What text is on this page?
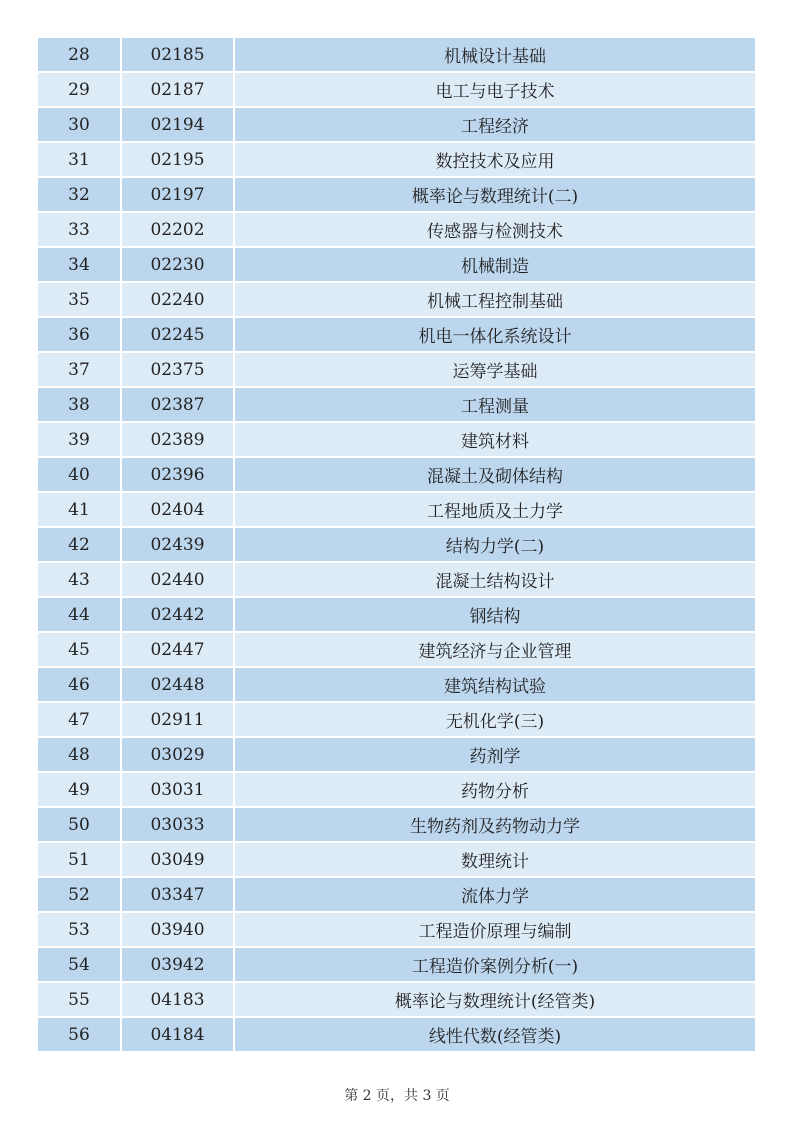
28	02185	机械设计基础
29	02187	电工与电子技术
30	02194	工程经济
31	02195	数控技术及应用
32	02197	概率论与数理统计(二)
33	02202	传感器与检测技术
34	02230	机械制造
35	02240	机械工程控制基础
36	02245	机电一体化系统设计
37	02375	运筹学基础
38	02387	工程测量
39	02389	建筑材料
40	02396	混凝土及砌体结构
41	02404	工程地质及土力学
42	02439	结构力学(二)
43	02440	混凝土结构设计
44	02442	钢结构
45	02447	建筑经济与企业管理
46	02448	建筑结构试验
47	02911	无机化学(三)
48	03029	药剂学
49	03031	药物分析
50	03033	生物药剂及药物动力学
51	03049	数理统计
52	03347	流体力学
53	03940	工程造价原理与编制
54	03942	工程造价案例分析(一)
55	04183	概率论与数理统计(经管类)
56	04184	线性代数(经管类)
第 2 页，共 3 页
